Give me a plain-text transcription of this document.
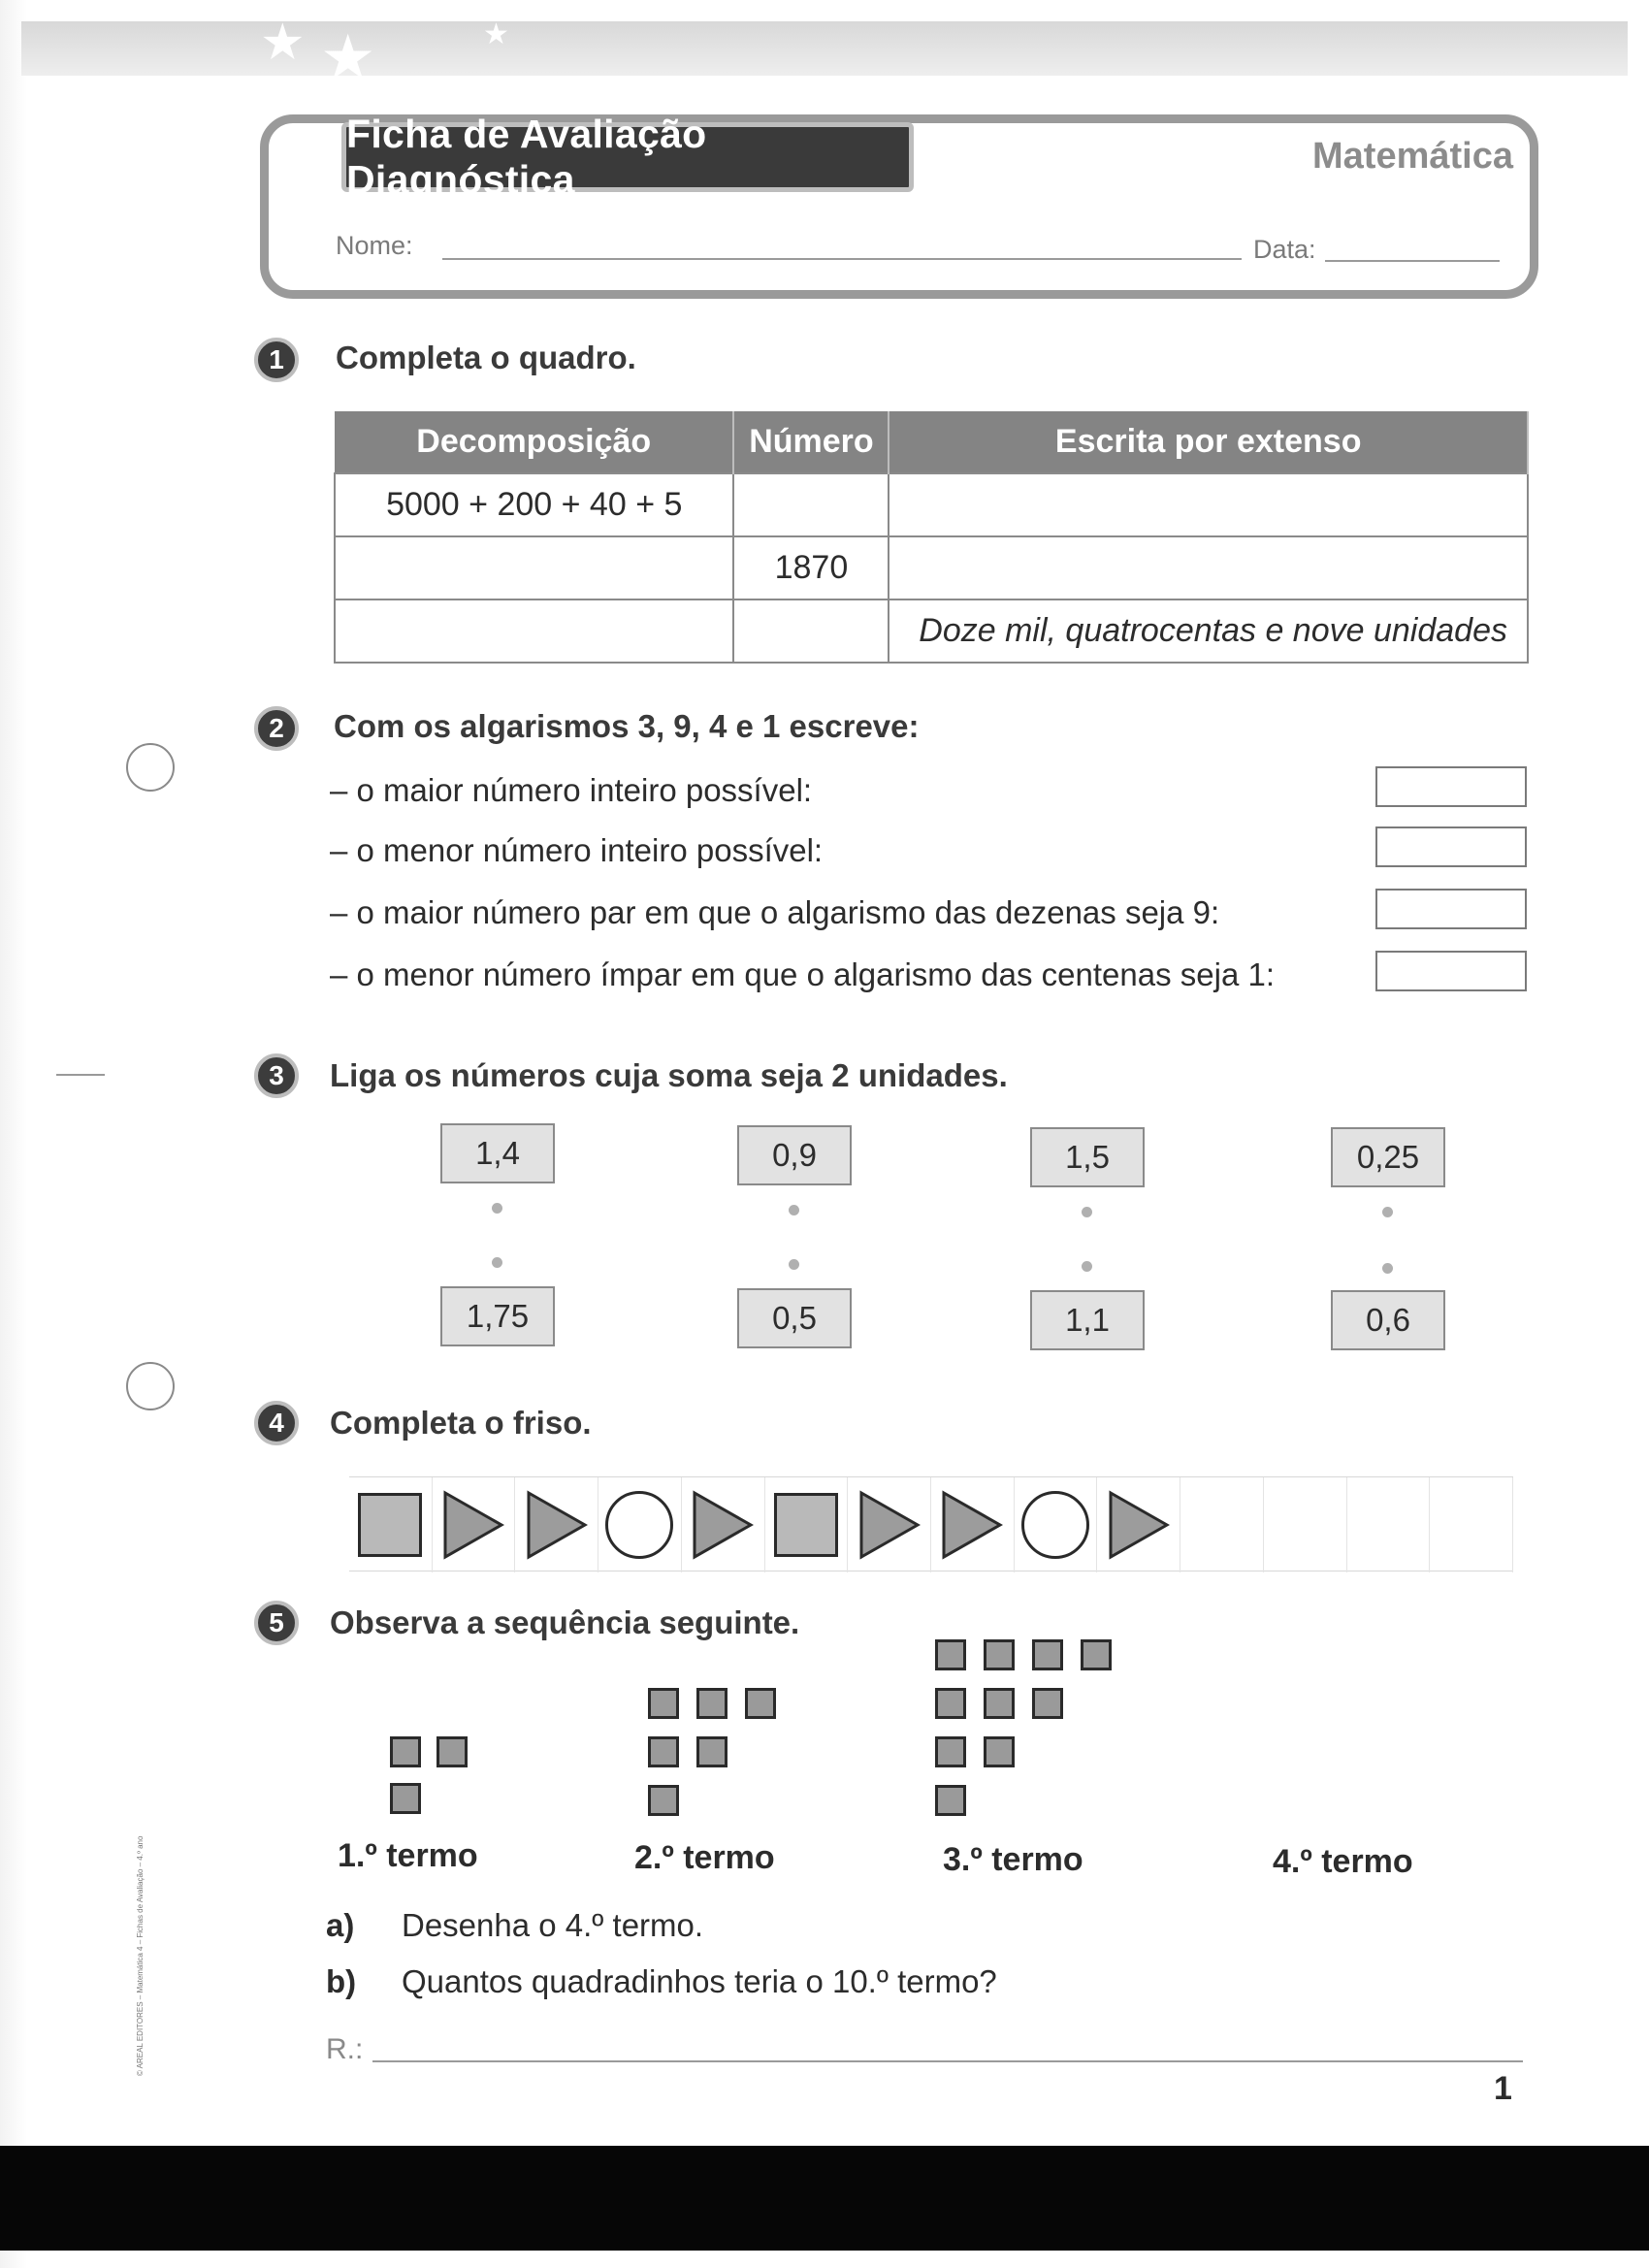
★ ★	★
Ficha de Avaliação Diagnóstica
Matemática
Nome:	Data:
1	Completa o quadro.
Decomposição	Número	Escrita por extenso
5000 + 200 + 40 + 5		
	1870	
		Doze mil, quatrocentas e nove unidades
2	Com os algarismos 3, 9, 4 e 1 escreve:
– o maior número inteiro possível:
– o menor número inteiro possível:
– o maior número par em que o algarismo das dezenas seja 9:
– o menor número ímpar em que o algarismo das centenas seja 1:
3	Liga os números cuja soma seja 2 unidades.
1,4	0,9	1,5	0,25
1,75	0,5	1,1	0,6
4	Completa o friso.
5	Observa a sequência seguinte.
1.º termo	2.º termo	3.º termo	4.º termo
a) Desenha o 4.º termo.
b) Quantos quadradinhos teria o 10.º termo?
R.:
1
© AREAL EDITORES – Matemática 4 – Fichas de Avaliação – 4.º ano
